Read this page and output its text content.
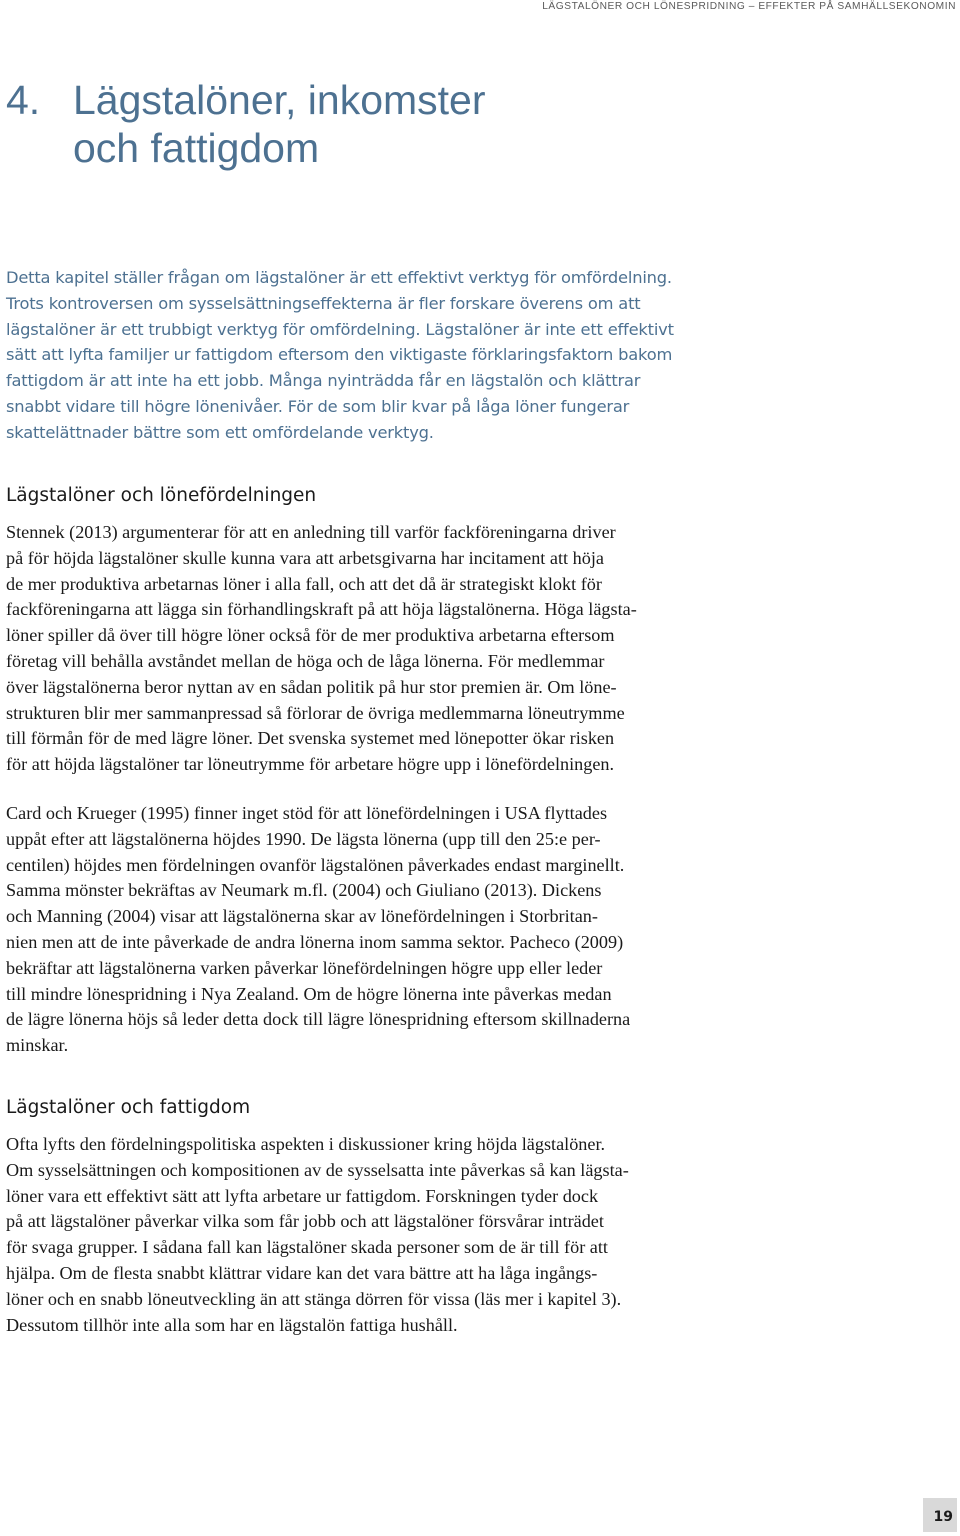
LÄGSTALÖNER OCH LÖNESPRIDNING – EFFEKTER PÅ SAMHÄLLSEKONOMIN
4. Lägstalöner, inkomster
och fattigdom

Detta kapitel ställer frågan om lägstalöner är ett effektivt verktyg för omfördelning.
Trots kontroversen om sysselsättningseffekterna är fler forskare överens om att
lägstalöner är ett trubbigt verktyg för omfördelning. Lägstalöner är inte ett effektivt
sätt att lyfta familjer ur fattigdom eftersom den viktigaste förklaringsfaktorn bakom
fattigdom är att inte ha ett jobb. Många nyinträdda får en lägstalön och klättrar
snabbt vidare till högre lönenivåer. För de som blir kvar på låga löner fungerar
skattelättnader bättre som ett omfördelande verktyg.

Lägstalöner och lönefördelningen

Stennek (2013) argumenterar för att en anledning till varför fackföreningarna driver
på för höjda lägstalöner skulle kunna vara att arbetsgivarna har incitament att höja
de mer produktiva arbetarnas löner i alla fall, och att det då är strategiskt klokt för
fackföreningarna att lägga sin förhandlingskraft på att höja lägstalönerna. Höga lägsta-
löner spiller då över till högre löner också för de mer produktiva arbetarna eftersom
företag vill behålla avståndet mellan de höga och de låga lönerna. För medlemmar
över lägstalönerna beror nyttan av en sådan politik på hur stor premien är. Om löne-
strukturen blir mer sammanpressad så förlorar de övriga medlemmarna löneutrymme
till förmån för de med lägre löner. Det svenska systemet med lönepotter ökar risken
för att höjda lägstalöner tar löneutrymme för arbetare högre upp i lönefördelningen.

Card och Krueger (1995) finner inget stöd för att lönefördelningen i USA flyttades
uppåt efter att lägstalönerna höjdes 1990. De lägsta lönerna (upp till den 25:e per-
centilen) höjdes men fördelningen ovanför lägstalönen påverkades endast marginellt.
Samma mönster bekräftas av Neumark m.fl. (2004) och Giuliano (2013). Dickens
och Manning (2004) visar att lägstalönerna skar av lönefördelningen i Storbritan-
nien men att de inte påverkade de andra lönerna inom samma sektor. Pacheco (2009)
bekräftar att lägstalönerna varken påverkar lönefördelningen högre upp eller leder
till mindre lönespridning i Nya Zealand. Om de högre lönerna inte påverkas medan
de lägre lönerna höjs så leder detta dock till lägre lönespridning eftersom skillnaderna
minskar.

Lägstalöner och fattigdom

Ofta lyfts den fördelningspolitiska aspekten i diskussioner kring höjda lägstalöner.
Om sysselsättningen och kompositionen av de sysselsatta inte påverkas så kan lägsta-
löner vara ett effektivt sätt att lyfta arbetare ur fattigdom. Forskningen tyder dock
på att lägstalöner påverkar vilka som får jobb och att lägstalöner försvårar inträdet
för svaga grupper. I sådana fall kan lägstalöner skada personer som de är till för att
hjälpa. Om de flesta snabbt klättrar vidare kan det vara bättre att ha låga ingångs-
löner och en snabb löneutveckling än att stänga dörren för vissa (läs mer i kapitel 3).
Dessutom tillhör inte alla som har en lägstalön fattiga hushåll.

19
